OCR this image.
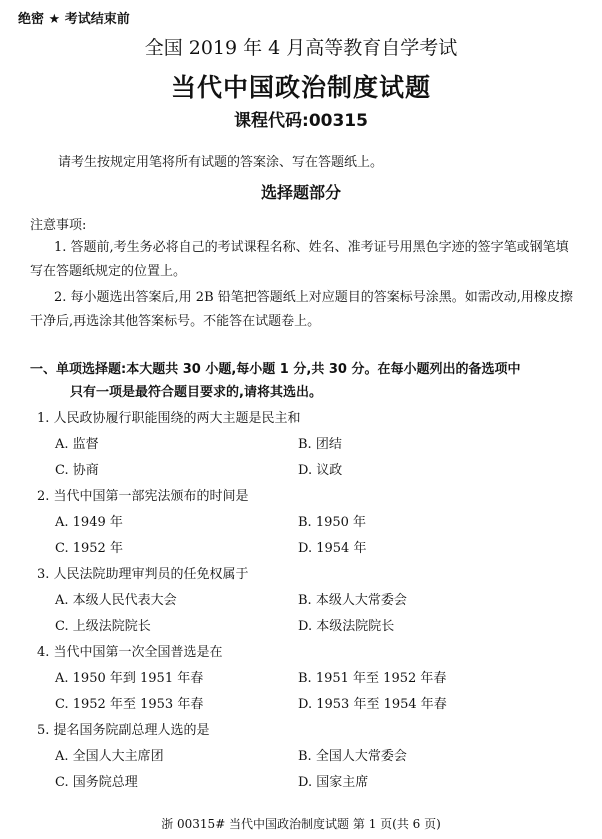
绝密 ★ 考试结束前
全国 2019 年 4 月高等教育自学考试
当代中国政治制度试题
课程代码:00315
请考生按规定用笔将所有试题的答案涂、写在答题纸上。
选择题部分
注意事项:
1. 答题前,考生务必将自己的考试课程名称、姓名、准考证号用黑色字迹的签字笔或钢笔填写在答题纸规定的位置上。
2. 每小题选出答案后,用 2B 铅笔把答题纸上对应题目的答案标号涂黑。如需改动,用橡皮擦干净后,再选涂其他答案标号。不能答在试题卷上。
一、单项选择题:本大题共 30 小题,每小题 1 分,共 30 分。在每小题列出的备选项中
只有一项是最符合题目要求的,请将其选出。
1. 人民政协履行职能围绕的两大主题是民主和
A. 监督	B. 团结
C. 协商	D. 议政
2. 当代中国第一部宪法颁布的时间是
A. 1949 年	B. 1950 年
C. 1952 年	D. 1954 年
3. 人民法院助理审判员的任免权属于
A. 本级人民代表大会	B. 本级人大常委会
C. 上级法院院长	D. 本级法院院长
4. 当代中国第一次全国普选是在
A. 1950 年到 1951 年春	B. 1951 年至 1952 年春
C. 1952 年至 1953 年春	D. 1953 年至 1954 年春
5. 提名国务院副总理人选的是
A. 全国人大主席团	B. 全国人大常委会
C. 国务院总理	D. 国家主席
浙 00315# 当代中国政治制度试题 第 1 页(共 6 页)
